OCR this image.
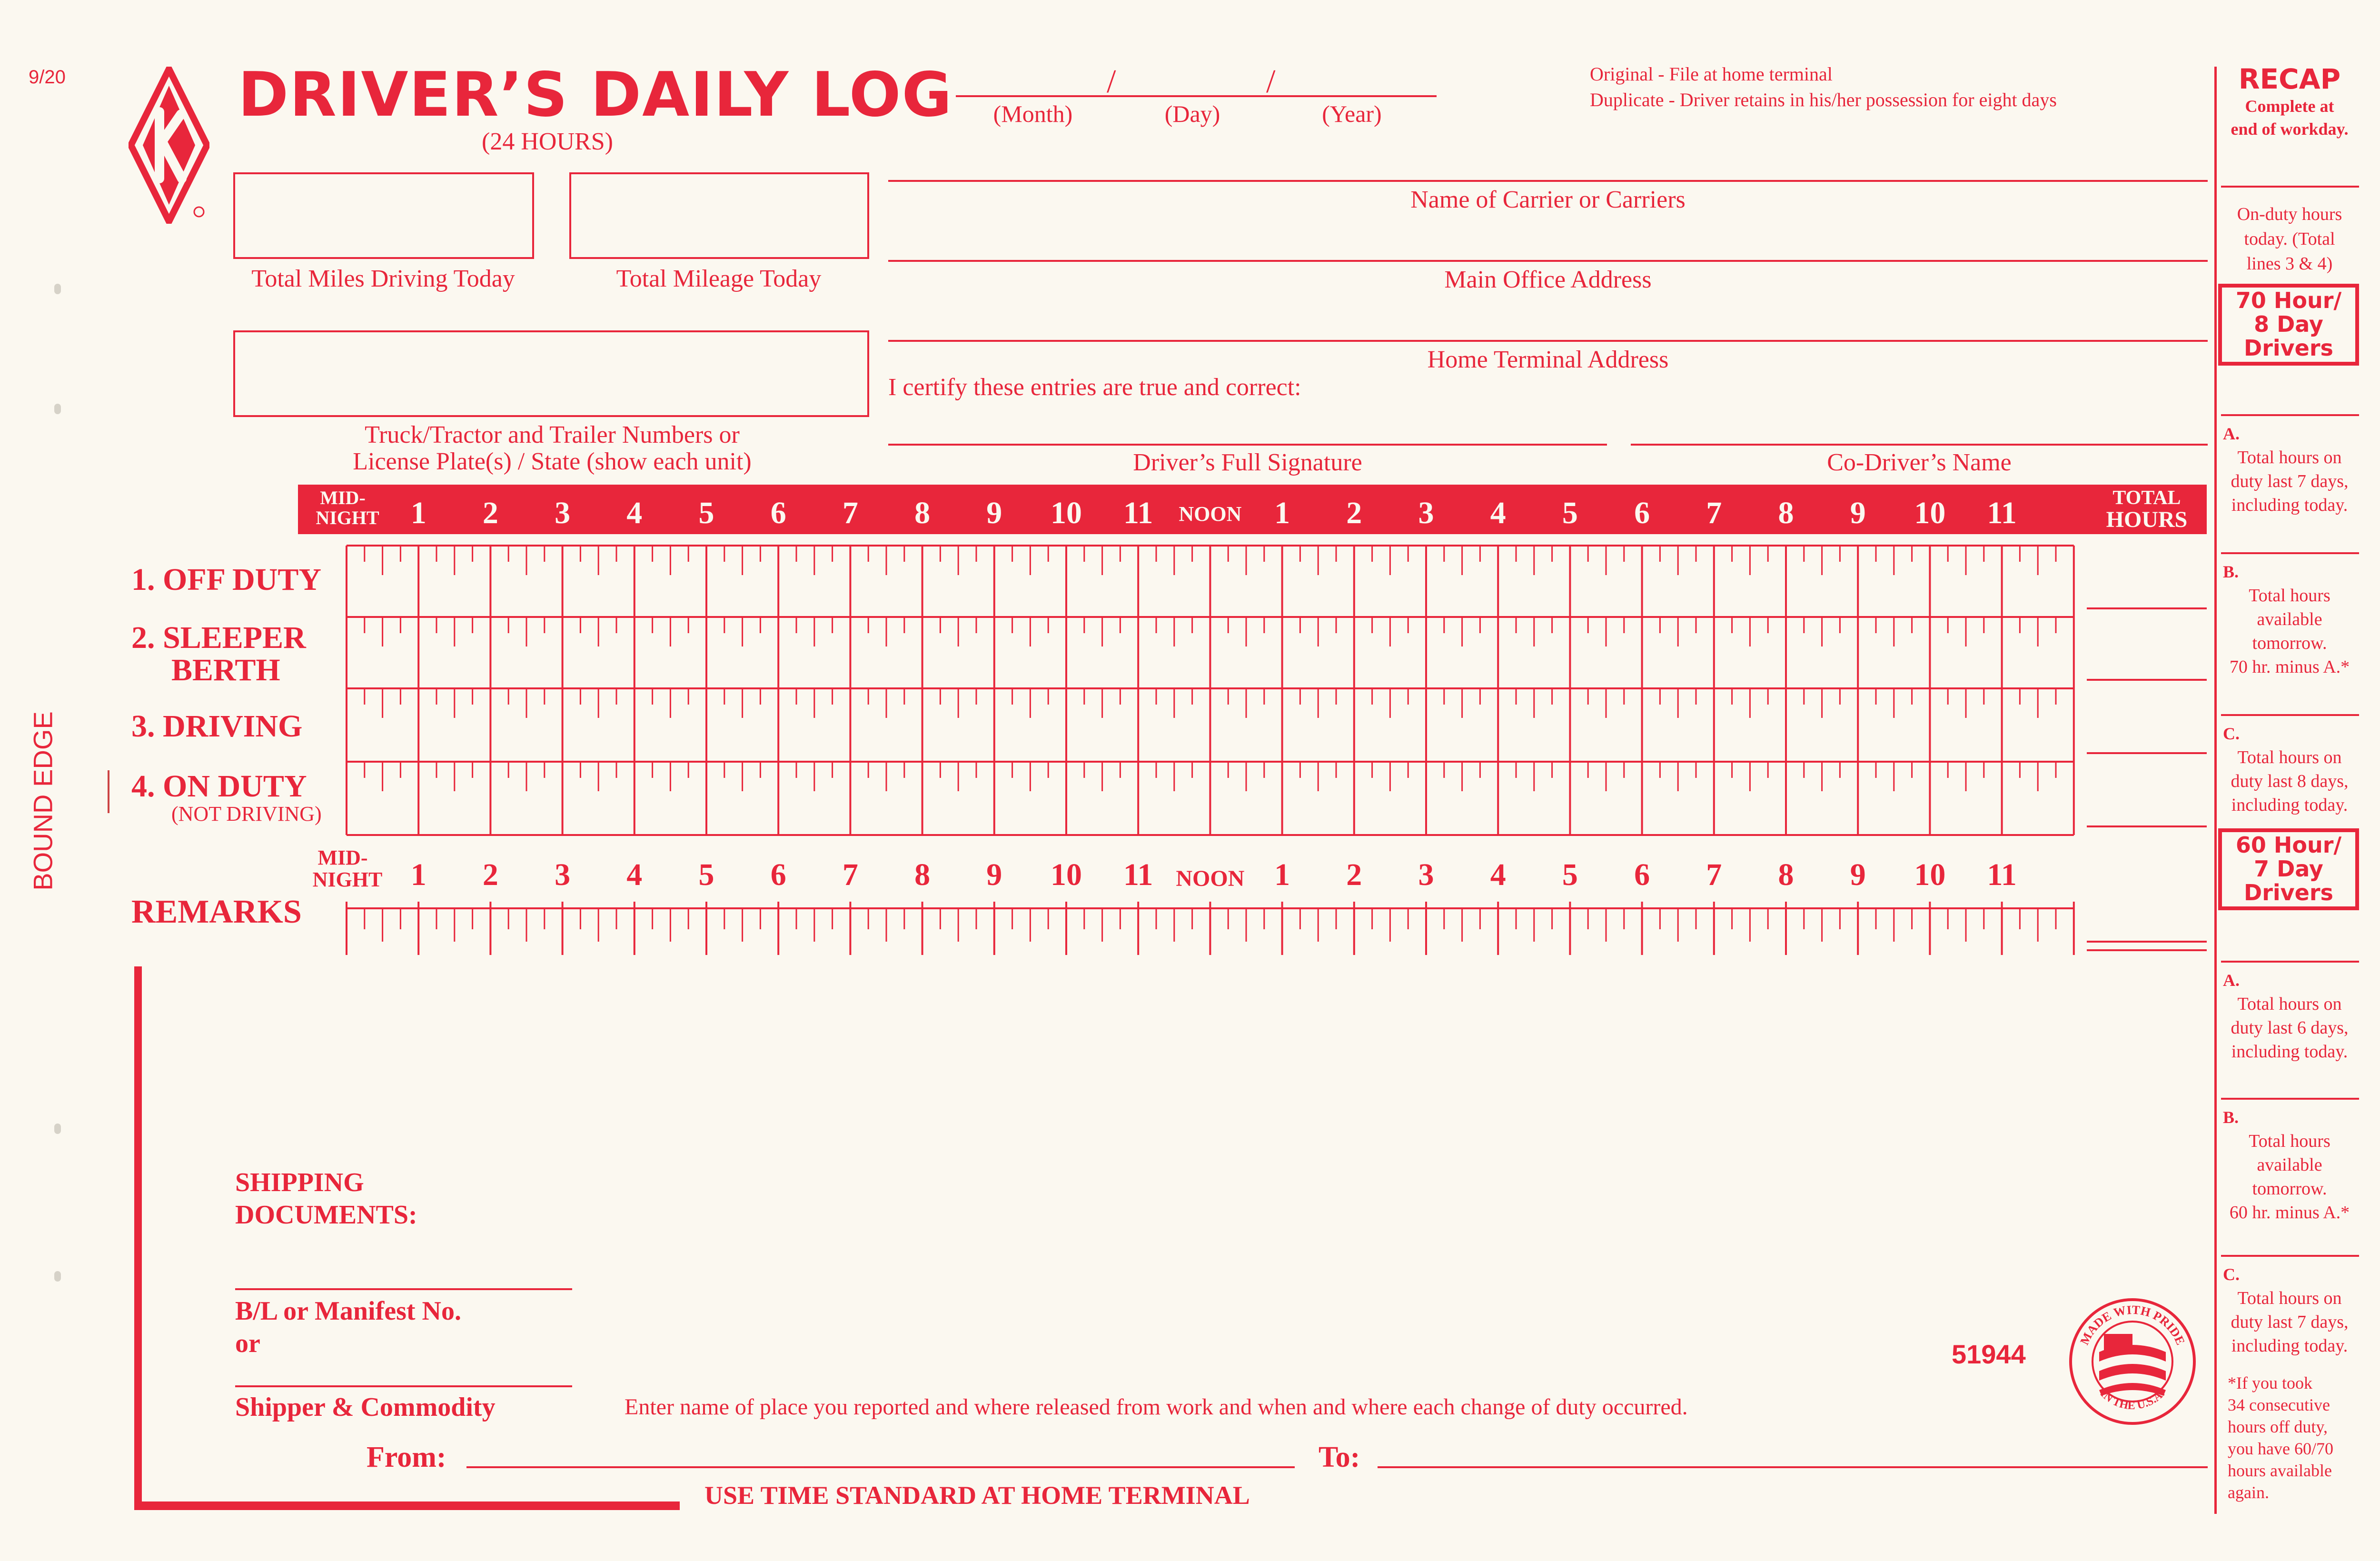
9/20
BOUND EDGE
DRIVER’S DAILY LOG
(24 HOURS)
/	/
(Month)	(Day)	(Year)
Original - File at home terminal
Duplicate - Driver retains in his/her possession for eight days
Total Miles Driving Today	Total Mileage Today
Truck/Tractor and Trailer Numbers or
License Plate(s) / State (show each unit)
Name of Carrier or Carriers
Main Office Address
Home Terminal Address
I certify these entries are true and correct:
Driver’s Full Signature	Co-Driver’s Name
MID-
NIGHT	1	2	3	4	5	6	7	8	9	10	11	NOON	1	2	3	4	5	6	7	8	9	10	11	TOTAL
HOURS
1. OFF DUTY
2. SLEEPER
BERTH
3. DRIVING
4. ON DUTY
(NOT DRIVING)
MID-
NIGHT 1	2	3	4	5	6	7	8	9	10	11	NOON 1	2	3	4	5	6	7	8	9	10	11
REMARKS
SHIPPING
DOCUMENTS:
B/L or Manifest No.
or
Shipper & Commodity	Enter name of place you reported and where released from work and when and where each change of duty occurred.
From:	To:
USE TIME STANDARD AT HOME TERMINAL
51944
MADE WITH PRIDE
IN THE U.S.A.
RECAP
Complete at
end of workday.
On-duty hours
today. (Total
lines 3 & 4)
70 Hour/
8 Day
Drivers
A.
Total hours on
duty last 7 days,
including today.
B.
Total hours
available
tomorrow.
70 hr. minus A.*
C.
Total hours on
duty last 8 days,
including today.
60 Hour/
7 Day
Drivers
A.
Total hours on
duty last 6 days,
including today.
B.
Total hours
available
tomorrow.
60 hr. minus A.*
C.
Total hours on
duty last 7 days,
including today.
*If you took
34 consecutive
hours off duty,
you have 60/70
hours available
again.
